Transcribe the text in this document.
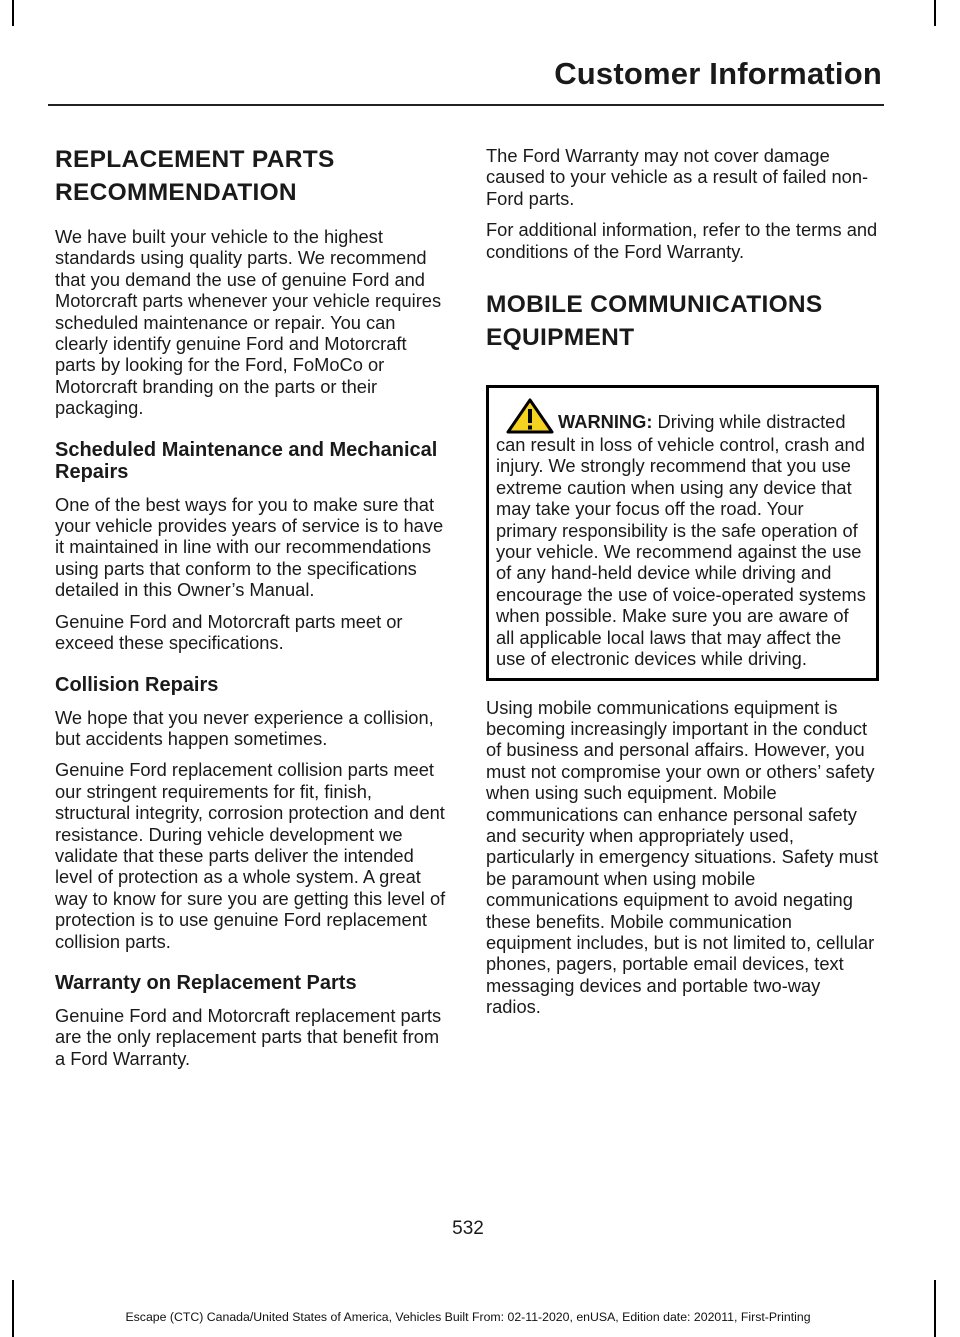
Customer Information
REPLACEMENT PARTS
RECOMMENDATION

We have built your vehicle to the highest standards using quality parts. We recommend that you demand the use of genuine Ford and Motorcraft parts whenever your vehicle requires scheduled maintenance or repair. You can clearly identify genuine Ford and Motorcraft parts by looking for the Ford, FoMoCo or Motorcraft branding on the parts or their packaging.

Scheduled Maintenance and Mechanical Repairs

One of the best ways for you to make sure that your vehicle provides years of service is to have it maintained in line with our recommendations using parts that conform to the specifications detailed in this Owner’s Manual.

Genuine Ford and Motorcraft parts meet or exceed these specifications.

Collision Repairs

We hope that you never experience a collision, but accidents happen sometimes.

Genuine Ford replacement collision parts meet our stringent requirements for fit, finish, structural integrity, corrosion protection and dent resistance. During vehicle development we validate that these parts deliver the intended level of protection as a whole system. A great way to know for sure you are getting this level of protection is to use genuine Ford replacement collision parts.

Warranty on Replacement Parts

Genuine Ford and Motorcraft replacement parts are the only replacement parts that benefit from a Ford Warranty.

The Ford Warranty may not cover damage caused to your vehicle as a result of failed non-Ford parts.

For additional information, refer to the terms and conditions of the Ford Warranty.

MOBILE COMMUNICATIONS
EQUIPMENT
WARNING: Driving while distracted can result in loss of vehicle control, crash and injury. We strongly recommend that you use extreme caution when using any device that may take your focus off the road. Your primary responsibility is the safe operation of your vehicle. We recommend against the use of any hand-held device while driving and encourage the use of voice-operated systems when possible. Make sure you are aware of all applicable local laws that may affect the use of electronic devices while driving.

Using mobile communications equipment is becoming increasingly important in the conduct of business and personal affairs. However, you must not compromise your own or others’ safety when using such equipment. Mobile communications can enhance personal safety and security when appropriately used, particularly in emergency situations. Safety must be paramount when using mobile communications equipment to avoid negating these benefits. Mobile communication equipment includes, but is not limited to, cellular phones, pagers, portable email devices, text messaging devices and portable two-way radios.

532
Escape (CTC) Canada/United States of America, Vehicles Built From: 02-11-2020, enUSA, Edition date: 202011, First-Printing
